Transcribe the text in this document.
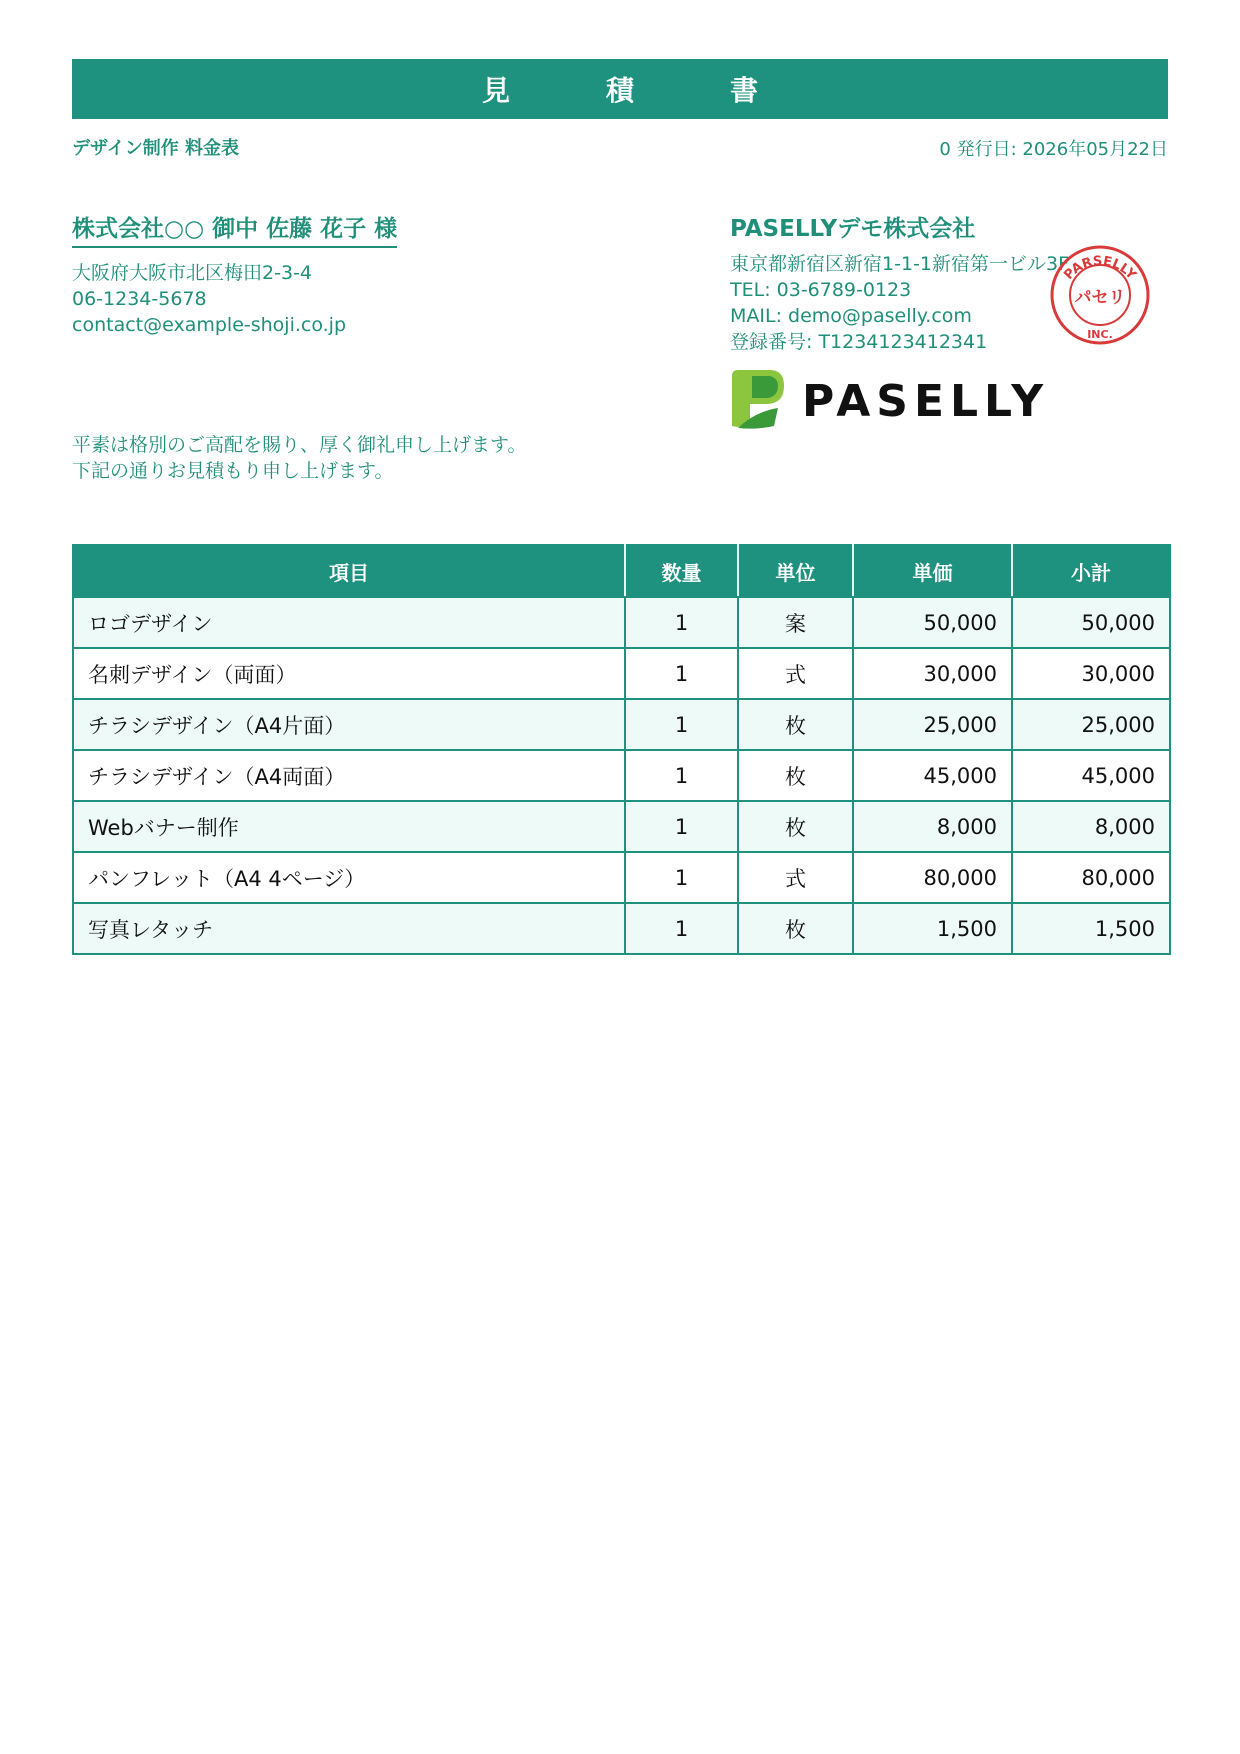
見　積　書
デザイン制作 料金表	0 発行日: 2026年05月22日
株式会社○○ 御中 佐藤 花子 様
大阪府大阪市北区梅田2-3-4
06-1234-5678
contact@example-shoji.co.jp
PASELLYデモ株式会社
東京都新宿区新宿1-1-1新宿第一ビル3F
TEL: 03-6789-0123
MAIL: demo@paselly.com
登録番号: T1234123412341
PARSELLY
パセリ
INC.
PASELLY
平素は格別のご高配を賜り、厚く御礼申し上げます。
下記の通りお見積もり申し上げます。
項目	数量	単位	単価	小計
ロゴデザイン	1	案	50,000	50,000
名刺デザイン（両面）	1	式	30,000	30,000
チラシデザイン（A4片面）	1	枚	25,000	25,000
チラシデザイン（A4両面）	1	枚	45,000	45,000
Webバナー制作	1	枚	8,000	8,000
パンフレット（A4 4ページ）	1	式	80,000	80,000
写真レタッチ	1	枚	1,500	1,500
